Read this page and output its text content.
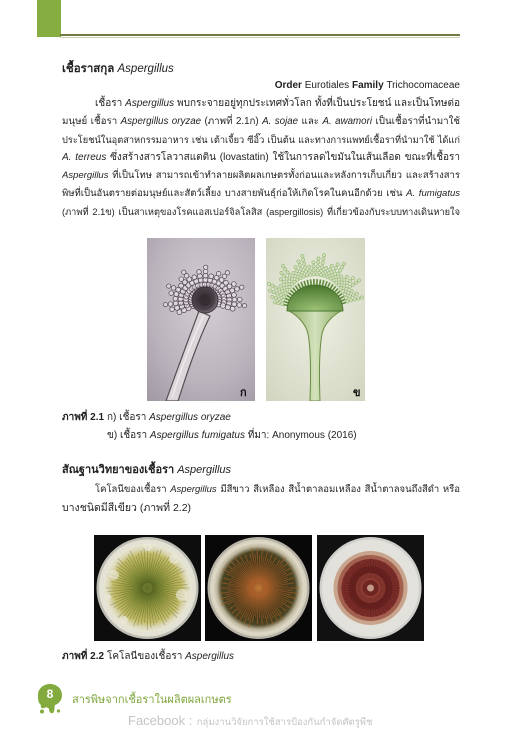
เชื้อราสกุล Aspergillus
Order Eurotiales Family Trichocomaceae
เชื้อรา Aspergillus พบกระจายอยู่ทุกประเทศทั่วโลก ทั้งที่เป็นประโยชน์ และเป็นโทษต่อ
มนุษย์ เชื้อรา Aspergillus oryzae (ภาพที่ 2.1ก) A. sojae และ A. awamori เป็นเชื้อราที่นำมาใช้
ประโยชน์ในอุตสาหกรรมอาหาร เช่น เต้าเจี้ยว ซีอิ๊ว เป็นต้น และทางการแพทย์เชื้อราที่นำมาใช้ ได้แก่
A. terreus ซึ่งสร้างสารโลวาสแตติน (lovastatin) ใช้ในการลดไขมันในเส้นเลือด ขณะที่เชื้อรา
Aspergillus ที่เป็นโทษ สามารถเข้าทำลายผลิตผลเกษตรทั้งก่อนและหลังการเก็บเกี่ยว และสร้างสาร
พิษที่เป็นอันตรายต่อมนุษย์และสัตว์เลี้ยง บางสายพันธุ์ก่อให้เกิดโรคในคนอีกด้วย เช่น A. fumigatus
(ภาพที่ 2.1ข) เป็นสาเหตุของโรคแอสเปอร์จิลโลสิส (aspergillosis) ที่เกี่ยวข้องกับระบบทางเดินหายใจ
ก	ข
ภาพที่ 2.1 ก) เชื้อรา Aspergillus oryzae
ข) เชื้อรา Aspergillus fumigatus ที่มา: Anonymous (2016)
สัณฐานวิทยาของเชื้อรา Aspergillus
โคโลนีของเชื้อรา Aspergillus มีสีขาว สีเหลือง สีน้ำตาลอมเหลือง สีน้ำตาลจนถึงสีดำ หรือ
บางชนิดมีสีเขียว (ภาพที่ 2.2)
ภาพที่ 2.2 โคโลนีของเชื้อรา Aspergillus
8	สารพิษจากเชื้อราในผลิตผลเกษตร
Facebook : กลุ่มงานวิจัยการใช้สารป้องกันกำจัดศัตรูพืช
